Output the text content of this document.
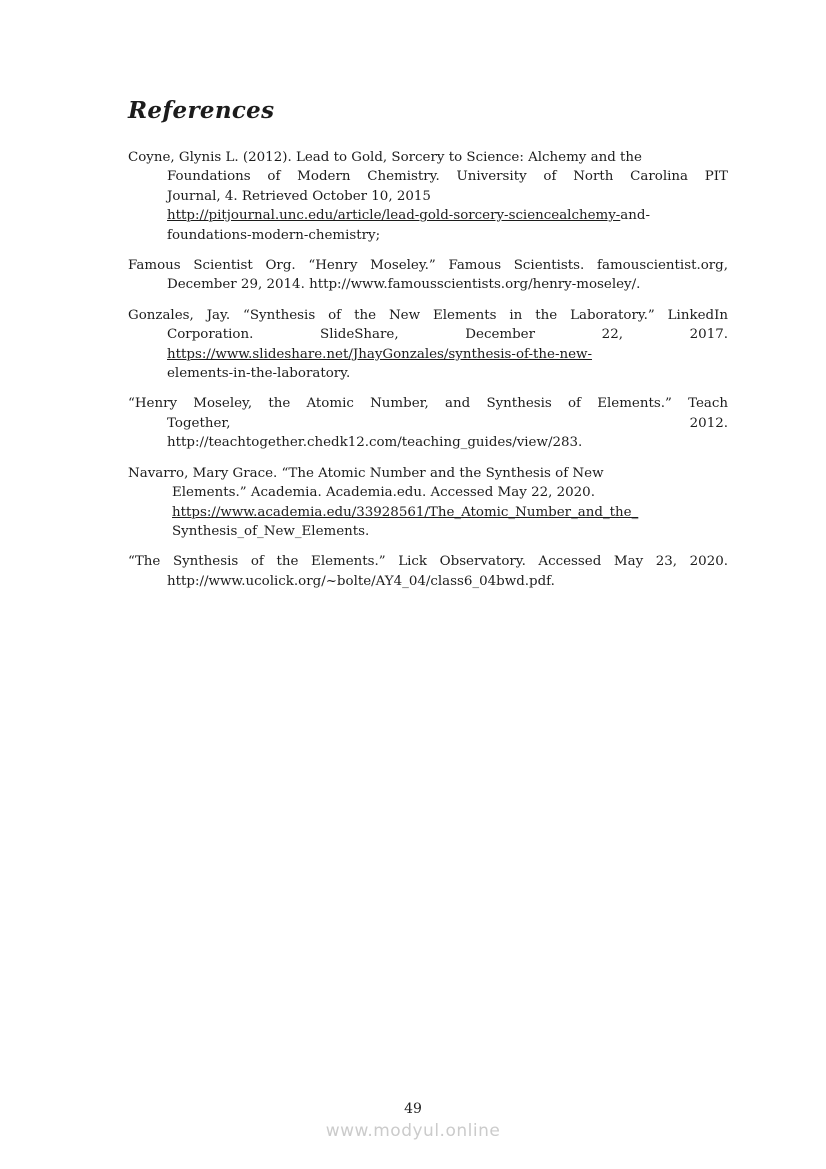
References
Coyne, Glynis L. (2012). Lead to Gold, Sorcery to Science: Alchemy and the
Foundations of Modern Chemistry. University of North Carolina PIT
Journal, 4. Retrieved October 10, 2015
http://pitjournal.unc.edu/article/lead-gold-sorcery-sciencealchemy-and-
foundations-modern-chemistry;
Famous Scientist Org. “Henry Moseley.” Famous Scientists. famouscientist.org,
December 29, 2014. http://www.famousscientists.org/henry-moseley/.
Gonzales, Jay. “Synthesis of the New Elements in the Laboratory.” LinkedIn
Corporation. SlideShare, December 22, 2017.
https://www.slideshare.net/JhayGonzales/synthesis-of-the-new-
elements-in-the-laboratory.
“Henry Moseley, the Atomic Number, and Synthesis of Elements.” Teach
Together, 2012.
http://teachtogether.chedk12.com/teaching_guides/view/283.
Navarro, Mary Grace. “The Atomic Number and the Synthesis of New
Elements.” Academia. Academia.edu. Accessed May 22, 2020.
https://www.academia.edu/33928561/The_Atomic_Number_and_the_
Synthesis_of_New_Elements.
“The Synthesis of the Elements.” Lick Observatory. Accessed May 23, 2020.
http://www.ucolick.org/~bolte/AY4_04/class6_04bwd.pdf.
49
www.modyul.online
